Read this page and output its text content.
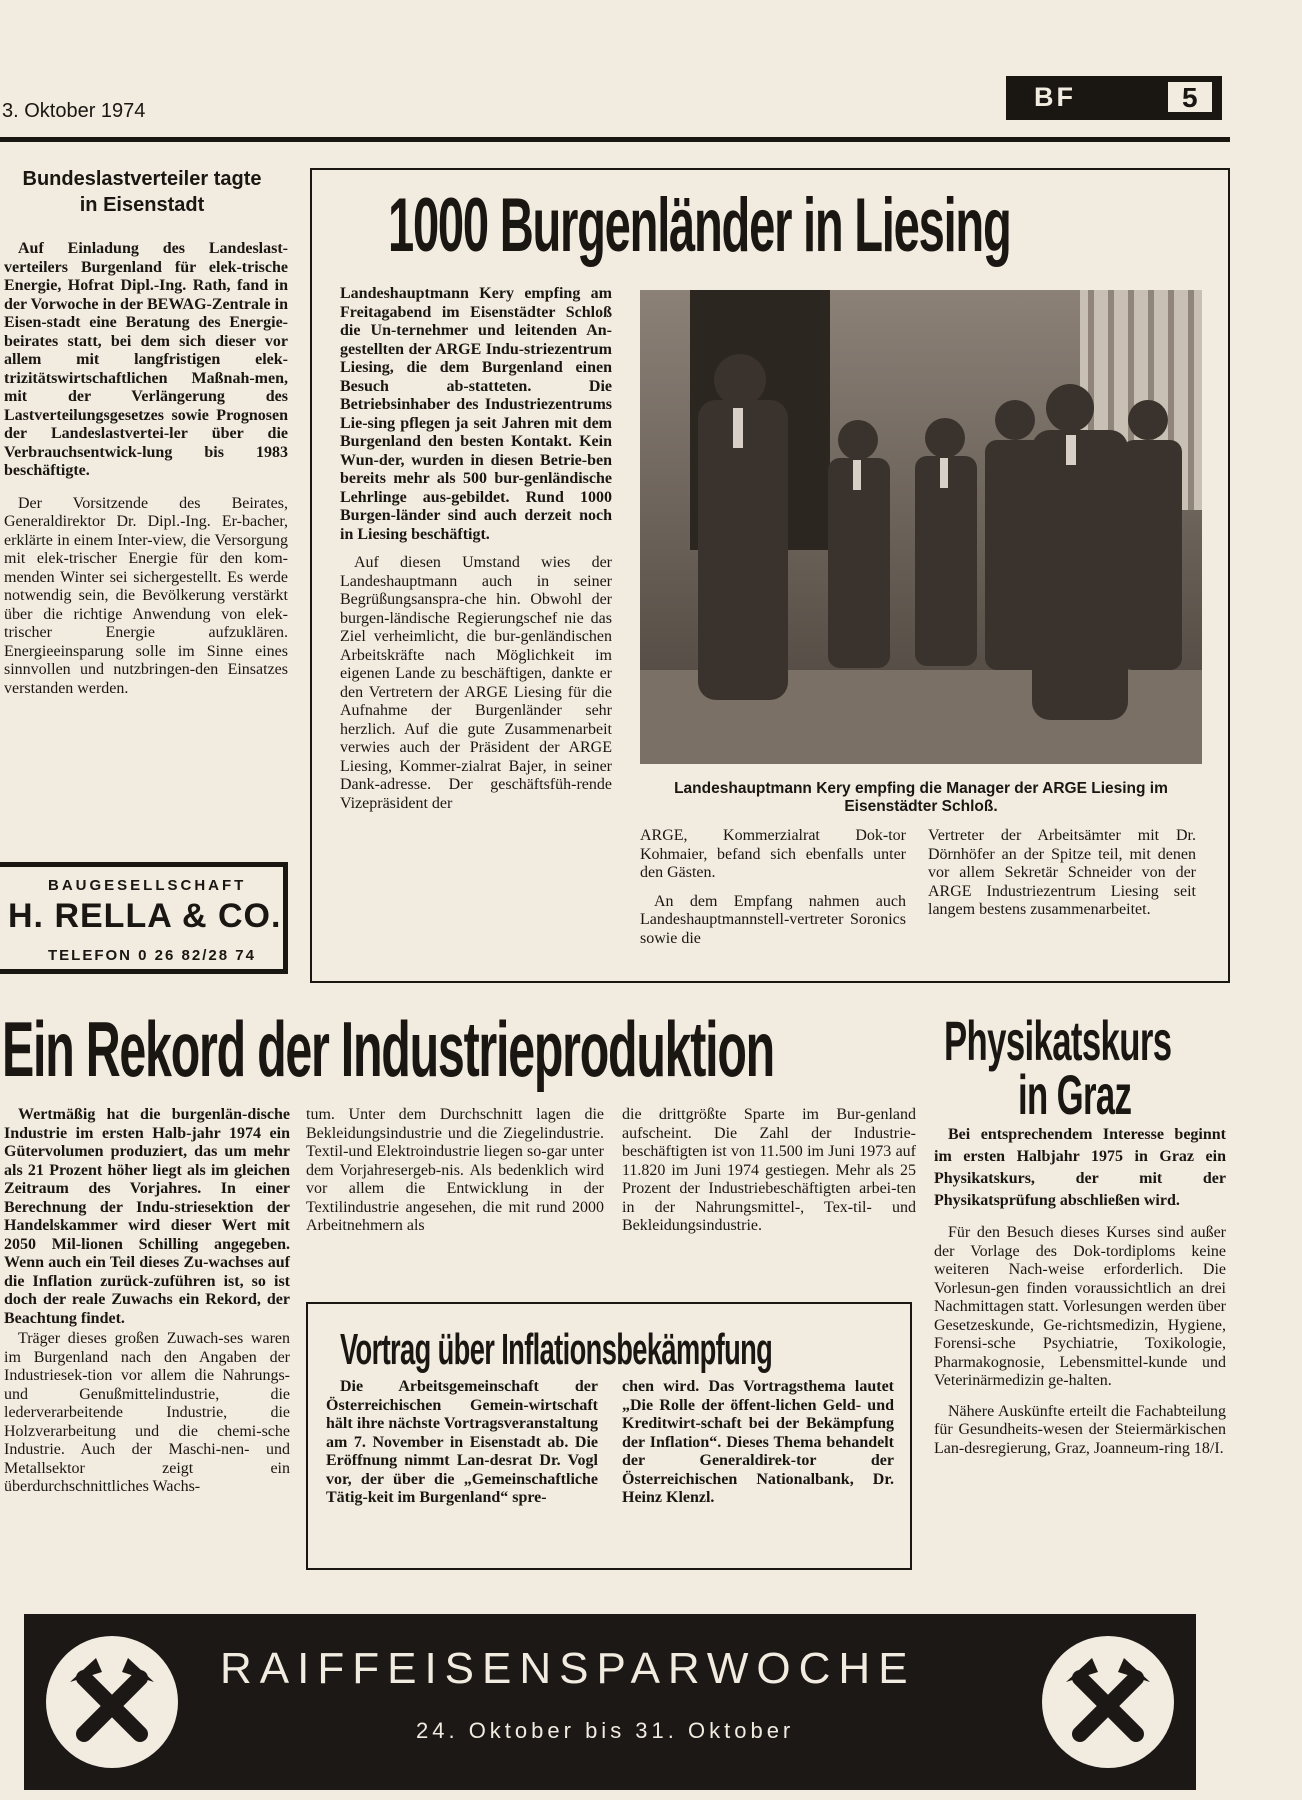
3. Oktober 1974	BF	5
Bundeslastverteiler tagte in Eisenstadt

Auf Einladung des Landeslast-verteilers Burgenland für elek-trische Energie, Hofrat Dipl.-Ing. Rath, fand in der Vorwoche in der BEWAG-Zentrale in Eisen-stadt eine Beratung des Energie-beirates statt, bei dem sich dieser vor allem mit langfristigen elek-trizitätswirtschaftlichen Maßnah-men, mit der Verlängerung des Lastverteilungsgesetzes sowie Prognosen der Landeslastvertei-ler über die Verbrauchsentwick-lung bis 1983 beschäftigte.

Der Vorsitzende des Beirates, Generaldirektor Dr. Dipl.-Ing. Er-bacher, erklärte in einem Inter-view, die Versorgung mit elek-trischer Energie für den kom-menden Winter sei sichergestellt. Es werde notwendig sein, die Bevölkerung verstärkt über die richtige Anwendung von elek-trischer Energie aufzuklären. Energieeinsparung solle im Sinne eines sinnvollen und nutzbringen-den Einsatzes verstanden werden.

BAUGESELLSCHAFT
H. RELLA & CO.
TELEFON 0 26 82/28 74
1000 Burgenländer in Liesing

Landeshauptmann Kery empfing am Freitagabend im Eisenstädter Schloß die Un-ternehmer und leitenden An-gestellten der ARGE Indu-striezentrum Liesing, die dem Burgenland einen Besuch ab-statteten. Die Betriebsinhaber des Industriezentrums Lie-sing pflegen ja seit Jahren mit dem Burgenland den besten Kontakt. Kein Wun-der, wurden in diesen Betrie-ben bereits mehr als 500 bur-genländische Lehrlinge aus-gebildet. Rund 1000 Burgen-länder sind auch derzeit noch in Liesing beschäftigt.

Auf diesen Umstand wies der Landeshauptmann auch in seiner Begrüßungsanspra-che hin. Obwohl der burgen-ländische Regierungschef nie das Ziel verheimlicht, die bur-genländischen Arbeitskräfte nach Möglichkeit im eigenen Lande zu beschäftigen, dankte er den Vertretern der ARGE Liesing für die Aufnahme der Burgenländer sehr herzlich. Auf die gute Zusammenarbeit verwies auch der Präsident der ARGE Liesing, Kommer-zialrat Bajer, in seiner Dank-adresse. Der geschäftsfüh-rende Vizepräsident der

Landeshauptmann Kery empfing die Manager der ARGE Liesing im Eisenstädter Schloß.

ARGE, Kommerzialrat Dok-tor Kohmaier, befand sich ebenfalls unter den Gästen.

An dem Empfang nahmen auch Landeshauptmannstell-vertreter Soronics sowie die

Vertreter der Arbeitsämter mit Dr. Dörnhöfer an der Spitze teil, mit denen vor allem Sekretär Schneider von der ARGE Industriezentrum Liesing seit langem bestens zusammenarbeitet.

Ein Rekord der Industrieproduktion

Wertmäßig hat die burgenlän-dische Industrie im ersten Halb-jahr 1974 ein Gütervolumen produziert, das um mehr als 21 Prozent höher liegt als im gleichen Zeitraum des Vorjahres. In einer Berechnung der Indu-striesektion der Handelskammer wird dieser Wert mit 2050 Mil-lionen Schilling angegeben. Wenn auch ein Teil dieses Zu-wachses auf die Inflation zurück-zuführen ist, so ist doch der reale Zuwachs ein Rekord, der Beachtung findet.

Träger dieses großen Zuwach-ses waren im Burgenland nach den Angaben der Industriesek-tion vor allem die Nahrungs-und Genußmittelindustrie, die lederverarbeitende Industrie, die Holzverarbeitung und die chemi-sche Industrie. Auch der Maschi-nen- und Metallsektor zeigt ein überdurchschnittliches Wachs-

tum. Unter dem Durchschnitt lagen die Bekleidungsindustrie und die Ziegelindustrie. Textil-und Elektroindustrie liegen so-gar unter dem Vorjahresergeb-nis. Als bedenklich wird vor allem die Entwicklung in der Textilindustrie angesehen, die mit rund 2000 Arbeitnehmern als

die drittgrößte Sparte im Bur-genland aufscheint. Die Zahl der Industrie-beschäftigten ist von 11.500 im Juni 1973 auf 11.820 im Juni 1974 gestiegen. Mehr als 25 Prozent der Industriebeschäftigten arbei-ten in der Nahrungsmittel-, Tex-til- und Bekleidungsindustrie.

Vortrag über Inflationsbekämpfung

Die Arbeitsgemeinschaft der Österreichischen Gemein-wirtschaft hält ihre nächste Vortragsveranstaltung am 7. November in Eisenstadt ab. Die Eröffnung nimmt Lan-desrat Dr. Vogl vor, der über die „Gemeinschaftliche Tätig-keit im Burgenland“ spre-

chen wird. Das Vortragsthema lautet „Die Rolle der öffent-lichen Geld- und Kreditwirt-schaft bei der Bekämpfung der Inflation“. Dieses Thema behandelt der Generaldirek-tor der Österreichischen Nationalbank, Dr. Heinz Klenzl.

Physikatskurs
in Graz

Bei entsprechendem Interesse beginnt im ersten Halbjahr 1975 in Graz ein Physikatskurs, der mit der Physikatsprüfung abschließen wird.

Für den Besuch dieses Kurses sind außer der Vorlage des Dok-tordiploms keine weiteren Nach-weise erforderlich. Die Vorlesun-gen finden voraussichtlich an drei Nachmittagen statt. Vorlesungen werden über Gesetzeskunde, Ge-richtsmedizin, Hygiene, Forensi-sche Psychiatrie, Toxikologie, Pharmakognosie, Lebensmittel-kunde und Veterinärmedizin ge-halten.

Nähere Auskünfte erteilt die Fachabteilung für Gesundheits-wesen der Steiermärkischen Lan-desregierung, Graz, Joanneum-ring 18/I.

RAIFFEISENSPARWOCHE
24. Oktober bis 31. Oktober
